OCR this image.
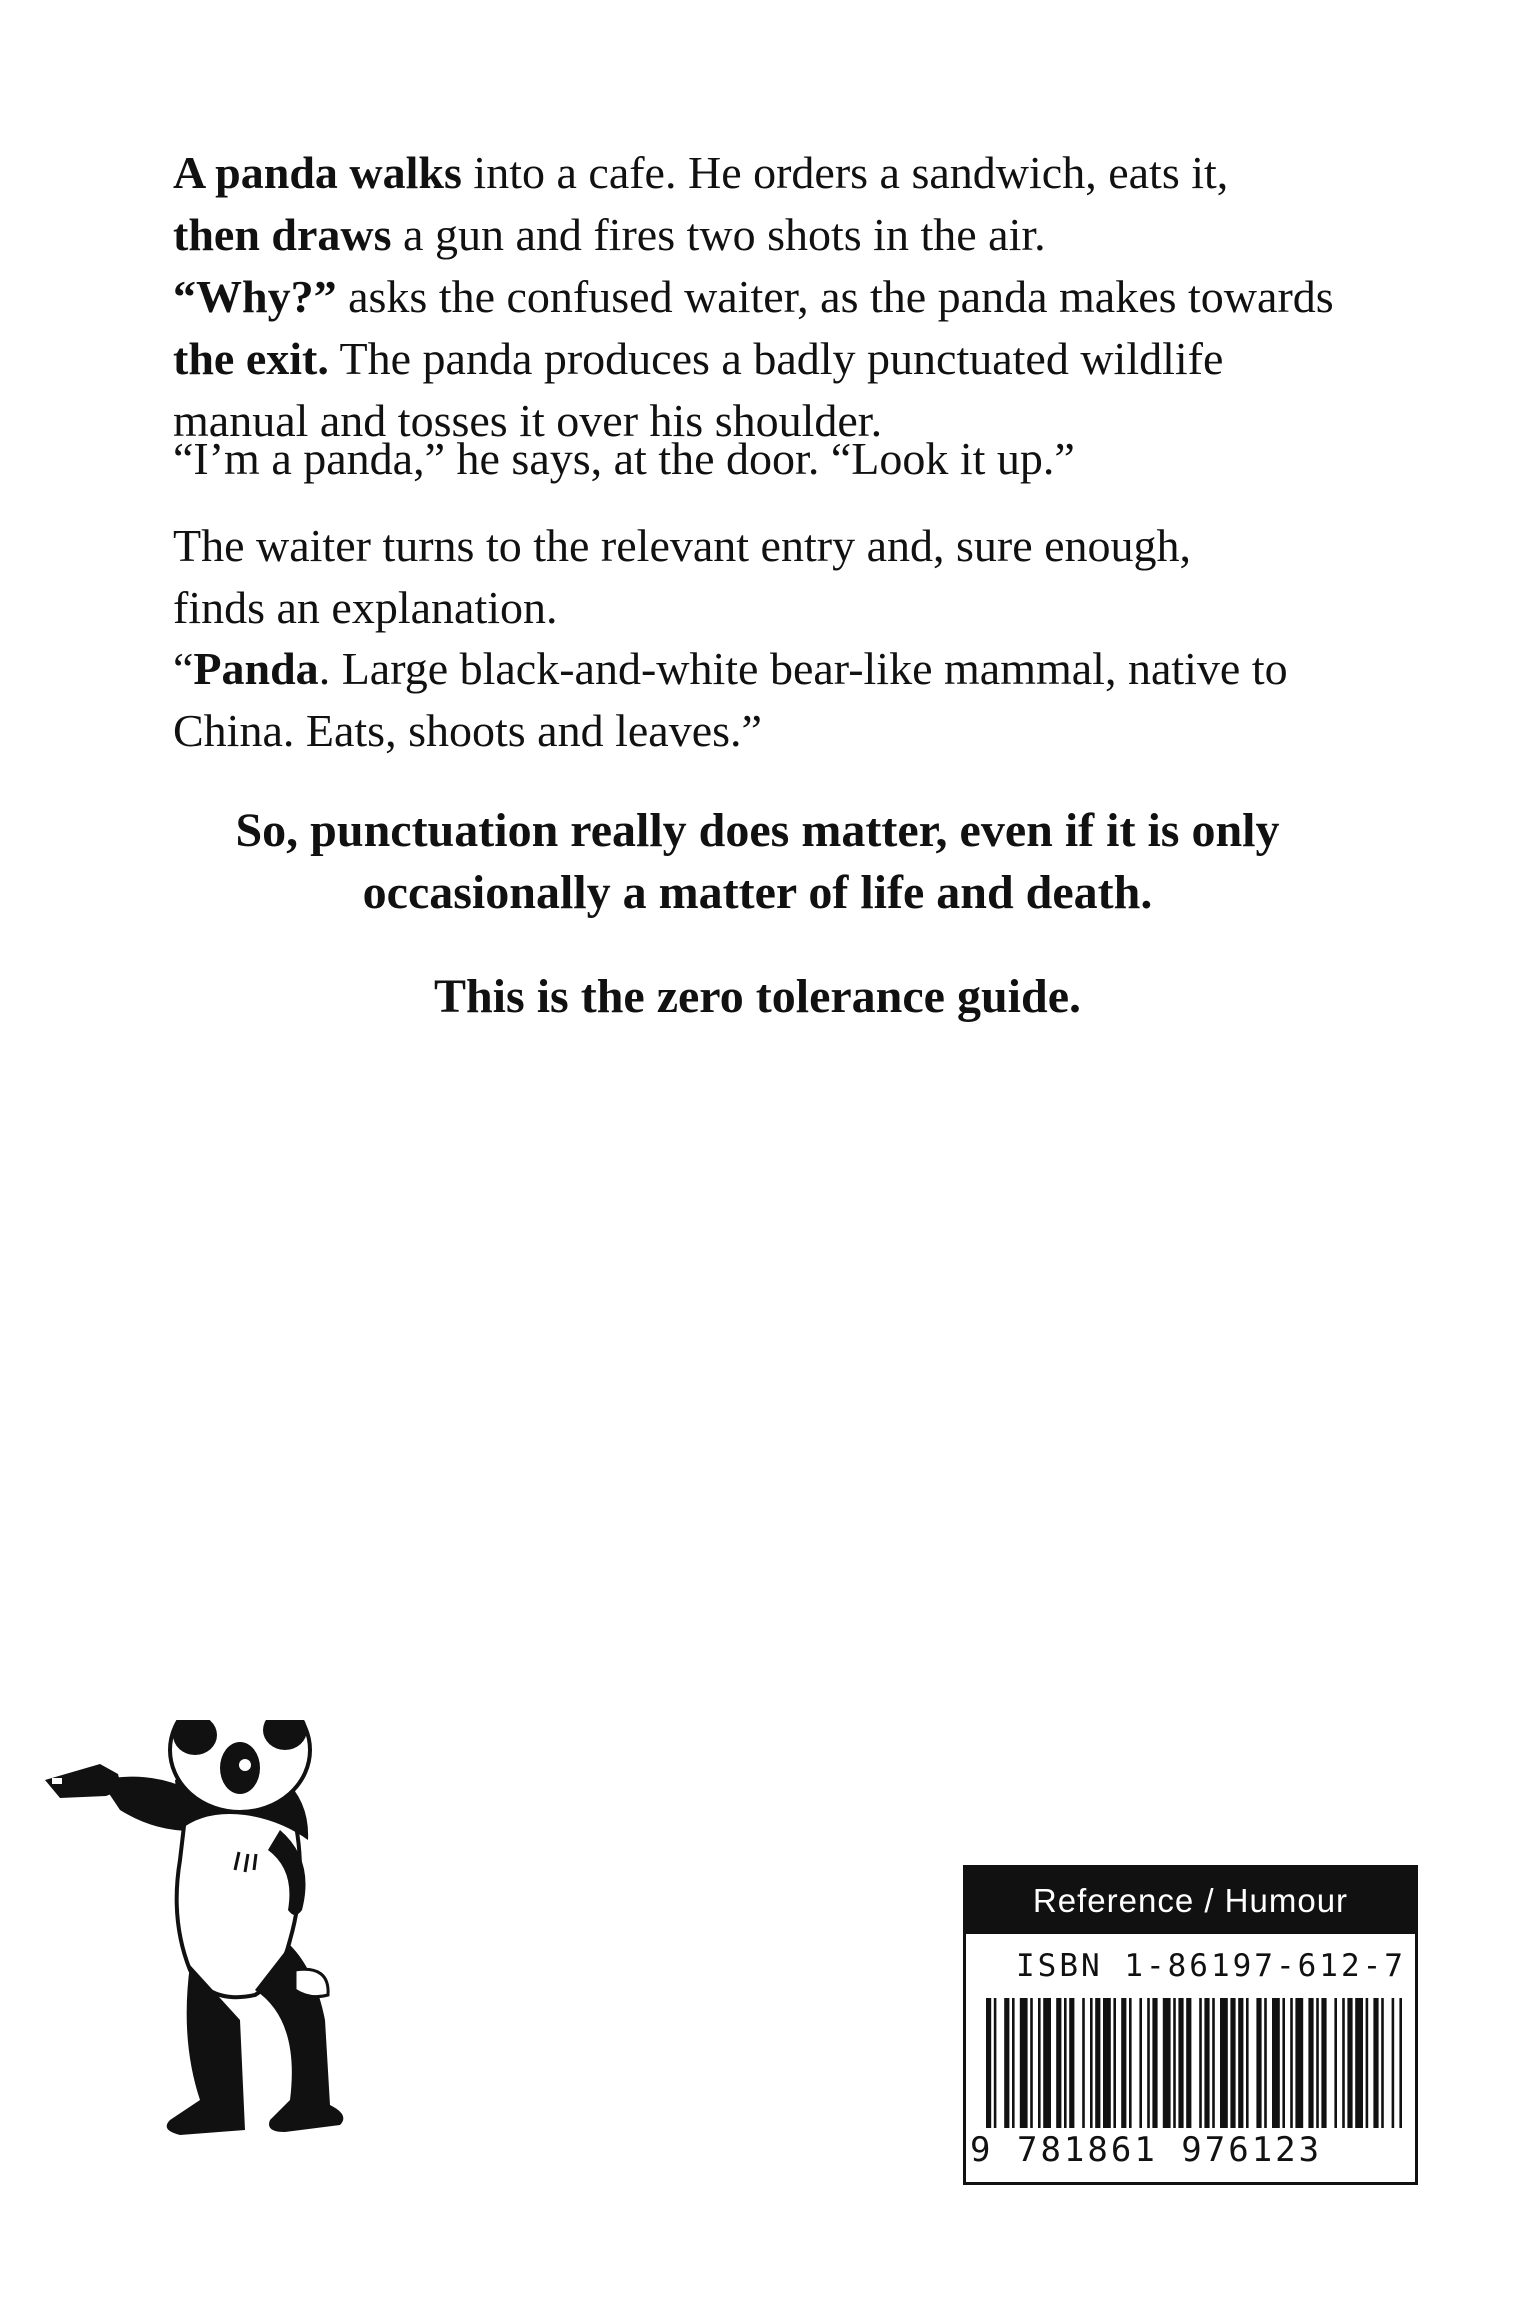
A panda walks into a cafe. He orders a sandwich, eats it,
then draws a gun and fires two shots in the air.

“Why?” asks the confused waiter, as the panda makes towards
the exit. The panda produces a badly punctuated wildlife
manual and tosses it over his shoulder.

“I’m a panda,” he says, at the door. “Look it up.”

The waiter turns to the relevant entry and, sure enough,
finds an explanation.

“Panda. Large black-and-white bear-like mammal, native to
China. Eats, shoots and leaves.”

So, punctuation really does matter, even if it is only
occasionally a matter of life and death.

This is the zero tolerance guide.

Reference / Humour
ISBN 1-86197-612-7
9 781861 976123
